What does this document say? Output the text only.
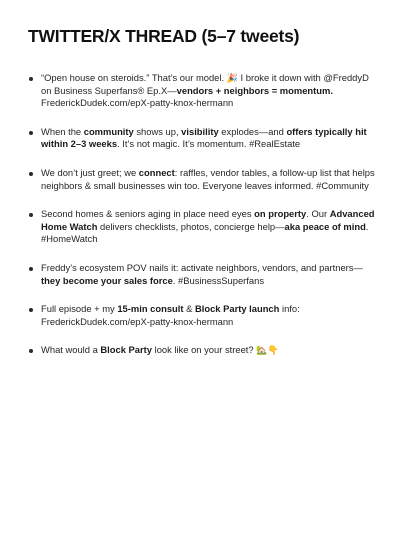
TWITTER/X THREAD (5–7 tweets)
“Open house on steroids.” That’s our model. 🎉 I broke it down with @FreddyD on Business Superfans® Ep.X—vendors + neighbors = momentum. FrederickDudek.com/epX-patty-knox-hermann
When the community shows up, visibility explodes—and offers typically hit within 2–3 weeks. It’s not magic. It’s momentum. #RealEstate
We don’t just greet; we connect: raffles, vendor tables, a follow-up list that helps neighbors & small businesses win too. Everyone leaves informed. #Community
Second homes & seniors aging in place need eyes on property. Our Advanced Home Watch delivers checklists, photos, concierge help—aka peace of mind. #HomeWatch
Freddy’s ecosystem POV nails it: activate neighbors, vendors, and partners—they become your sales force. #BusinessSuperfans
Full episode + my 15-min consult & Block Party launch info: FrederickDudek.com/epX-patty-knox-hermann
What would a Block Party look like on your street? 🏡👇
